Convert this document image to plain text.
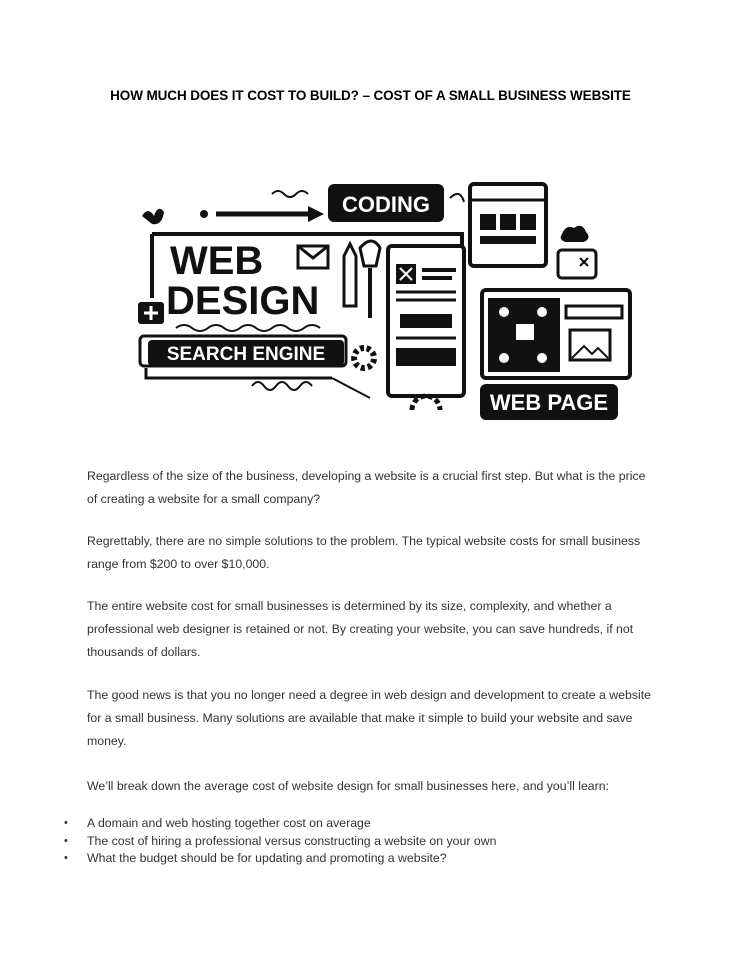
HOW MUCH DOES IT COST TO BUILD? – COST OF A SMALL BUSINESS WEBSITE
CODING
WEB
DESIGN
SEARCH ENGINE
WEB PAGE
Regardless of the size of the business, developing a website is a crucial first step. But what is the price of creating a website for a small company?
Regrettably, there are no simple solutions to the problem. The typical website costs for small business range from $200 to over $10,000.
The entire website cost for small businesses is determined by its size, complexity, and whether a professional web designer is retained or not. By creating your website, you can save hundreds, if not thousands of dollars.
The good news is that you no longer need a degree in web design and development to create a website for a small business. Many solutions are available that make it simple to build your website and save money.
We’ll break down the average cost of website design for small businesses here, and you’ll learn:
• A domain and web hosting together cost on average
• The cost of hiring a professional versus constructing a website on your own
• What the budget should be for updating and promoting a website?
